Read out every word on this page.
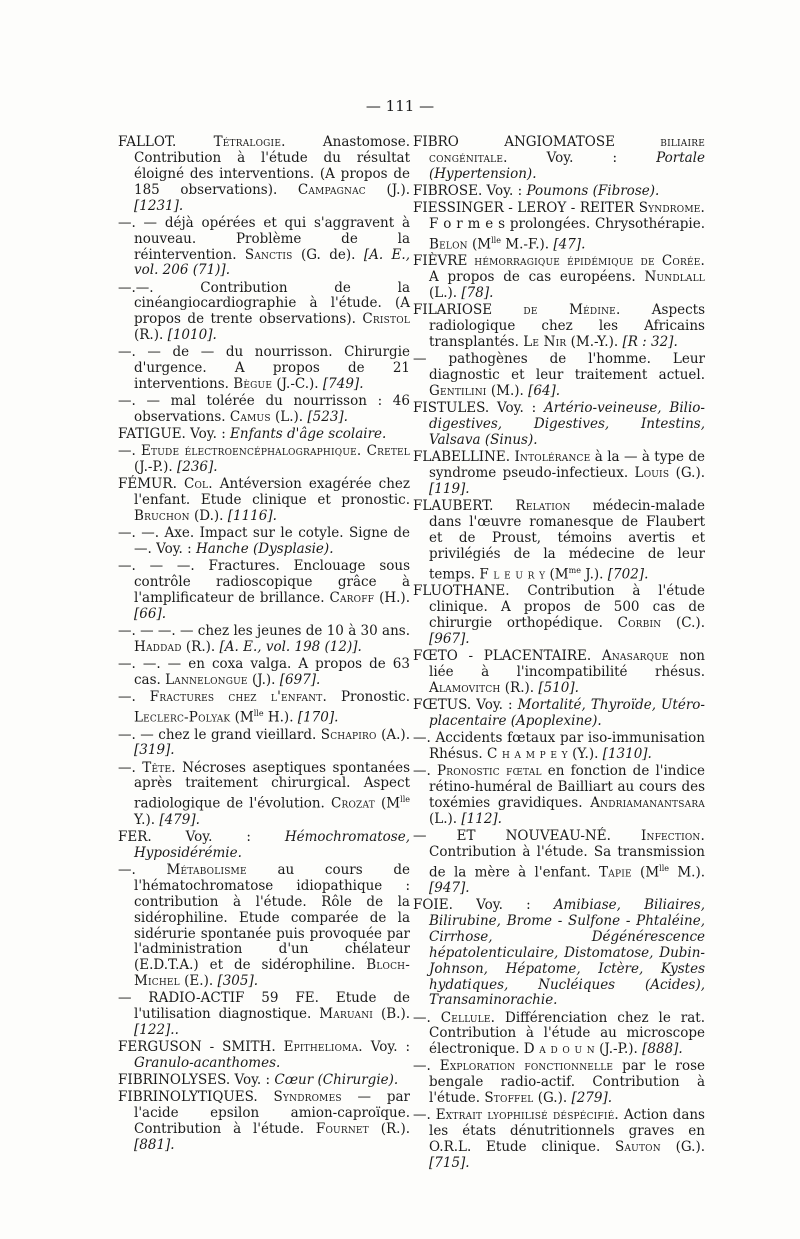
— 111 —

FALLOT. Tétralogie. Anastomose. Contribution à l'étude du résultat éloigné des interventions. (A propos de 185 observations). Campagnac (J.). [1231].

—. — déjà opérées et qui s'aggravent à nouveau. Problème de la réintervention. Sanctis (G. de). [A. E., vol. 206 (71)].

—.—. Contribution de la cinéangiocardiographie à l'étude. (A propos de trente observations). Cristol (R.). [1010].

—. — de — du nourrisson. Chirurgie d'urgence. A propos de 21 interventions. Bègue (J.-C.). [749].

—. — mal tolérée du nourrisson : 46 observations. Camus (L.). [523].

FATIGUE. Voy. : Enfants d'âge scolaire.

—. Etude électroencéphalographique. Cretel (J.-P.). [236].

FÉMUR. Col. Antéversion exagérée chez l'enfant. Etude clinique et pronostic. Bruchon (D.). [1116].

—. —. Axe. Impact sur le cotyle. Signe de —. Voy. : Hanche (Dysplasie).

—. — —. Fractures. Enclouage sous contrôle radioscopique grâce à l'amplificateur de brillance. Caroff (H.). [66].

—. — —. — chez les jeunes de 10 à 30 ans. Haddad (R.). [A. E., vol. 198 (12)].

—. —. — en coxa valga. A propos de 63 cas. Lannelongue (J.). [697].

—. Fractures chez l'enfant. Pronostic. Leclerc-Polyak ($M^{lle}$ H.). [170].

—. — chez le grand vieillard. Schapiro (A.). [319].

—. Tête. Nécroses aseptiques spontanées après traitement chirurgical. Aspect radiologique de l'évolution. Crozat ($M^{lle}$ Y.). [479].

FER. Voy. : Hémochromatose, Hyposidérémie.

—. Métabolisme au cours de l'hématochromatose idiopathique : contribution à l'étude. Rôle de la sidérophiline. Etude comparée de la sidérurie spontanée puis provoquée par l'administration d'un chélateur (E.D.T.A.) et de sidérophiline. Bloch-Michel (E.). [305].

— RADIO-ACTIF 59 FE. Etude de l'utilisation diagnostique. Maruani (B.). [122]..

FERGUSON - SMITH. Epithelioma. Voy. : Granulo-acanthomes.

FIBRINOLYSES. Voy. : Cœur (Chirurgie).

FIBRINOLYTIQUES. Syndromes — par l'acide epsilon amion-caproïque. Contribution à l'étude. Fournet (R.). [881].

FIBRO ANGIOMATOSE biliaire congénitale. Voy. : Portale (Hypertension).

FIBROSE. Voy. : Poumons (Fibrose).

FIESSINGER - LEROY - REITER Syndrome. F o r m e s prolongées. Chrysothérapie. Belon ($M^{lle}$ M.-F.). [47].

FIÈVRE hémorragique épidémique de Corée. A propos de cas européens. Nundlall (L.). [78].

FILARIOSE de Médine. Aspects radiologique chez les Africains transplantés. Le Nir (M.-Y.). [R : 32].

— pathogènes de l'homme. Leur diagnostic et leur traitement actuel. Gentilini (M.). [64].

FISTULES. Voy. : Artério-veineuse, Bilio-digestives, Digestives, Intestins, Valsava (Sinus).

FLABELLINE. Intolérance à la — à type de syndrome pseudo-infectieux. Louis (G.). [119].

FLAUBERT. Relation médecin-malade dans l'œuvre romanesque de Flaubert et de Proust, témoins avertis et privilégiés de la médecine de leur temps. F l e u r y ($M^{me}$ J.). [702].

FLUOTHANE. Contribution à l'étude clinique. A propos de 500 cas de chirurgie orthopédique. Corbin (C.). [967].

FŒTO - PLACENTAIRE. Anasarque non liée à l'incompatibilité rhésus. Alamovitch (R.). [510].

FŒTUS. Voy. : Mortalité, Thyroïde, Utéro-placentaire (Apoplexine).

—. Accidents fœtaux par iso-immunisation Rhésus. C h a m p e y (Y.). [1310].

—. Pronostic fœtal en fonction de l'indice rétino-huméral de Bailliart au cours des toxémies gravidiques. Andriamanantsara (L.). [112].

— ET NOUVEAU-NÉ. Infection. Contribution à l'étude. Sa transmission de la mère à l'enfant. Tapie ($M^{lle}$ M.). [947].

FOIE. Voy. : Amibiase, Biliaires, Bilirubine, Brome - Sulfone - Phtaléine, Cirrhose, Dégénérescence hépatolenticulaire, Distomatose, Dubin-Johnson, Hépatome, Ictère, Kystes hydatiques, Nucléiques (Acides), Transaminorachie.

—. Cellule. Différenciation chez le rat. Contribution à l'étude au microscope électronique. D a d o u n (J.-P.). [888].

—. Exploration fonctionnelle par le rose bengale radio-actif. Contribution à l'étude. Stoffel (G.). [279].

—. Extrait lyophilisé déspécifié. Action dans les états dénutritionnels graves en O.R.L. Etude clinique. Sauton (G.). [715].
